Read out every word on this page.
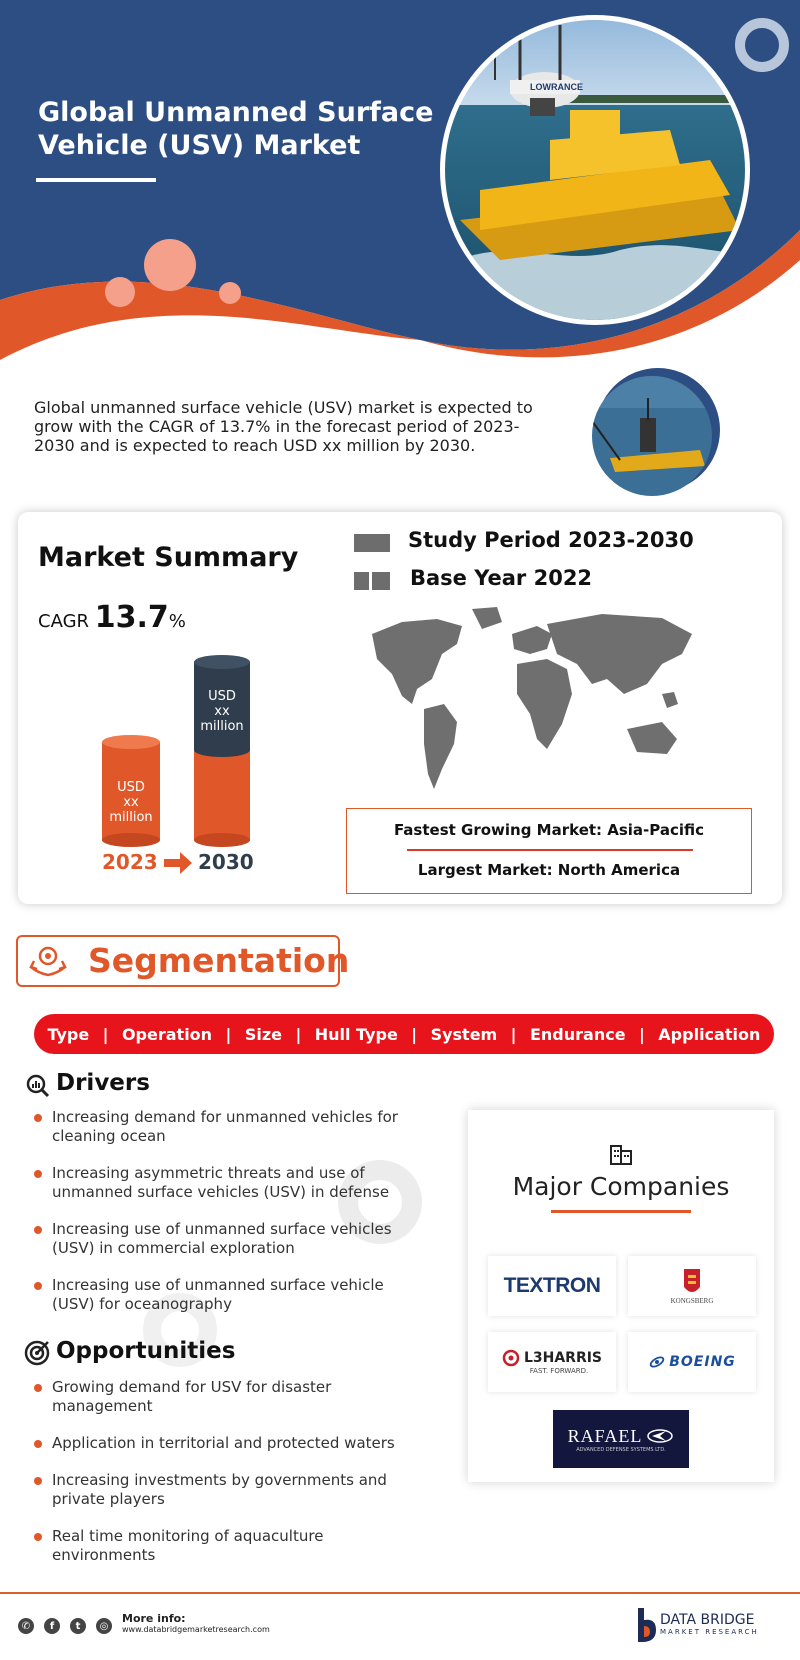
LOWRANCE
Global Unmanned Surface Vehicle (USV) Market
Global unmanned surface vehicle (USV) market is expected to grow with the CAGR of 13.7% in the forecast period of 2023-2030 and is expected to reach USD xx million by 2030.
Market Summary
CAGR 13.7%
Study Period 2023-2030
Base Year 2022
USD
xx
million
USD
xx
million
2023 2030
Fastest Growing Market: Asia-Pacific
Largest Market: North America
Segmentation
Type | Operation | Size | Hull Type | System | Endurance | Application
Drivers
Increasing demand for unmanned vehicles for cleaning ocean
Increasing asymmetric threats and use of unmanned surface vehicles (USV) in defense
Increasing use of unmanned surface vehicles (USV) in commercial exploration
Increasing use of unmanned surface vehicle (USV) for oceanography
Opportunities
Growing demand for USV for disaster management
Application in territorial and protected waters
Increasing investments by governments and private players
Real time monitoring of aquaculture environments
Major Companies
TEXTRON
KONGSBERG
L3HARRIS
FAST. FORWARD.
BOEING
RAFAEL
ADVANCED DEFENSE SYSTEMS LTD.
✆	f	t	◎
More info:
www.databridgemarketresearch.com
DATA BRIDGE
MARKET RESEARCH
